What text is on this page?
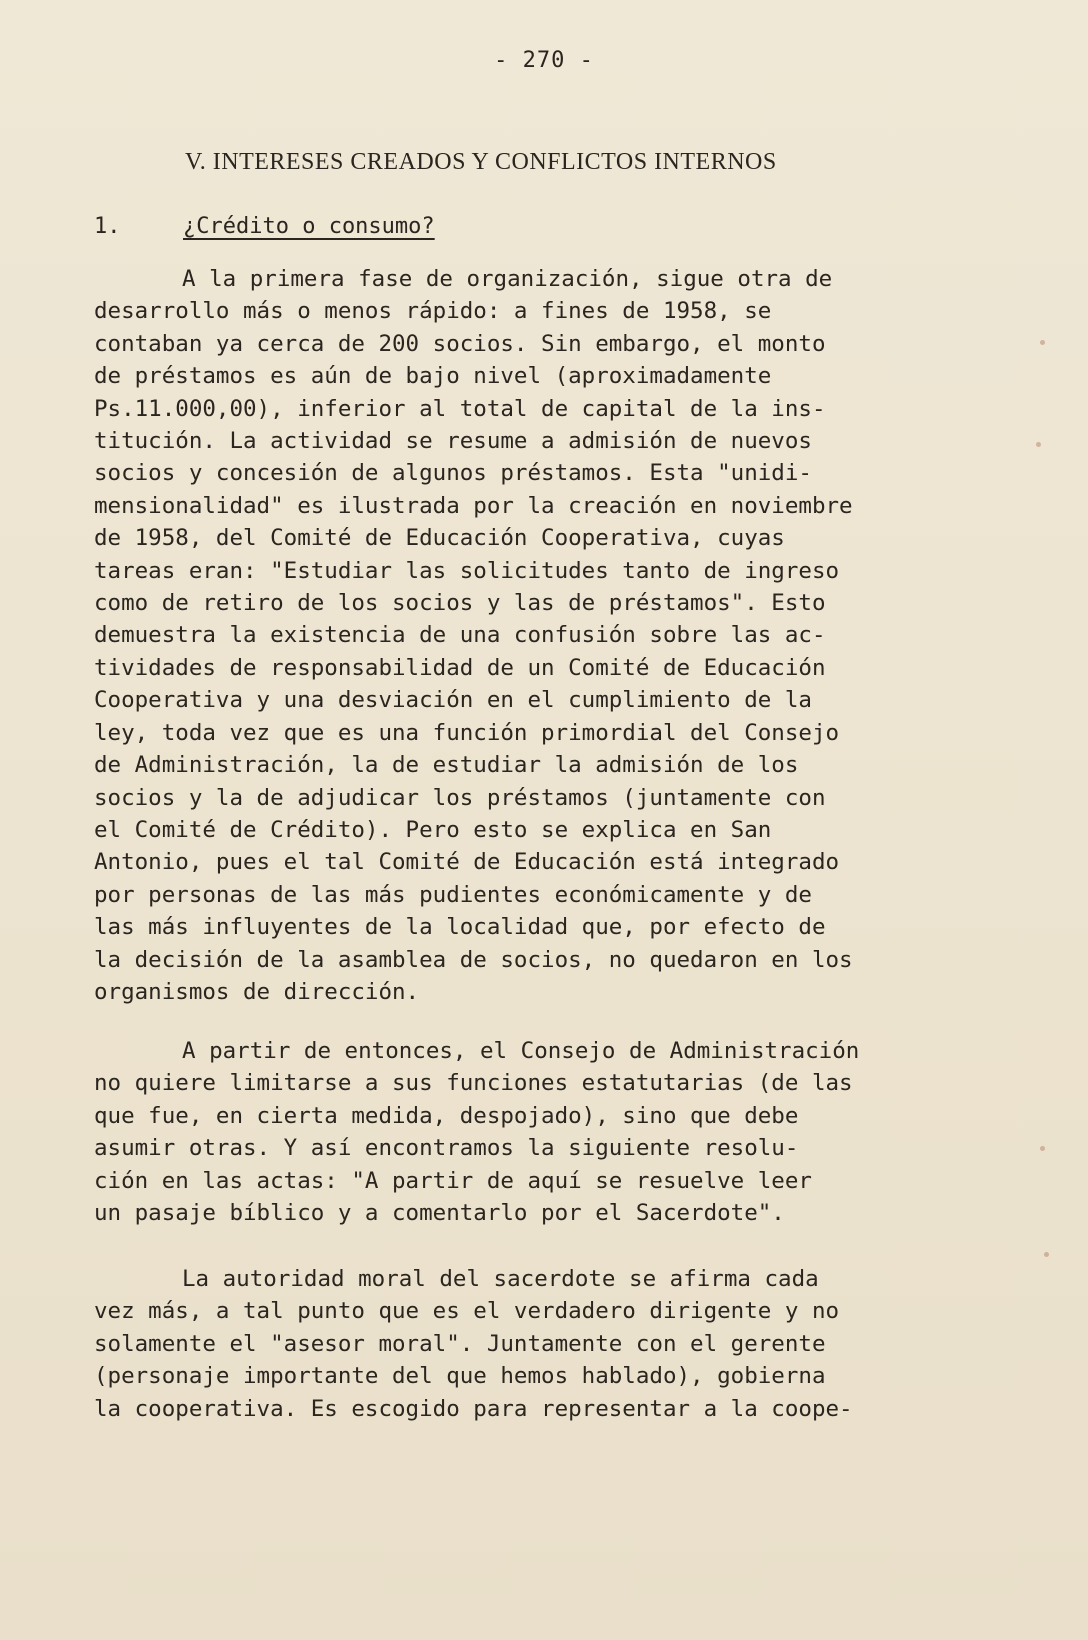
- 270 -
V. INTERESES CREADOS Y CONFLICTOS INTERNOS
1.	¿Crédito o consumo?
A la primera fase de organización, sigue otra de
desarrollo más o menos rápido: a fines de 1958, se
contaban ya cerca de 200 socios. Sin embargo, el monto
de préstamos es aún de bajo nivel (aproximadamente
Ps.11.000,00), inferior al total de capital de la ins-
titución. La actividad se resume a admisión de nuevos
socios y concesión de algunos préstamos. Esta "unidi-
mensionalidad" es ilustrada por la creación en noviembre
de 1958, del Comité de Educación Cooperativa, cuyas
tareas eran: "Estudiar las solicitudes tanto de ingreso
como de retiro de los socios y las de préstamos". Esto
demuestra la existencia de una confusión sobre las ac-
tividades de responsabilidad de un Comité de Educación
Cooperativa y una desviación en el cumplimiento de la
ley, toda vez que es una función primordial del Consejo
de Administración, la de estudiar la admisión de los
socios y la de adjudicar los préstamos (juntamente con
el Comité de Crédito). Pero esto se explica en San
Antonio, pues el tal Comité de Educación está integrado
por personas de las más pudientes económicamente y de
las más influyentes de la localidad que, por efecto de
la decisión de la asamblea de socios, no quedaron en los
organismos de dirección.
A partir de entonces, el Consejo de Administración
no quiere limitarse a sus funciones estatutarias (de las
que fue, en cierta medida, despojado), sino que debe
asumir otras. Y así encontramos la siguiente resolu-
ción en las actas: "A partir de aquí se resuelve leer
un pasaje bíblico y a comentarlo por el Sacerdote".
La autoridad moral del sacerdote se afirma cada
vez más, a tal punto que es el verdadero dirigente y no
solamente el "asesor moral". Juntamente con el gerente
(personaje importante del que hemos hablado), gobierna
la cooperativa. Es escogido para representar a la coope-
